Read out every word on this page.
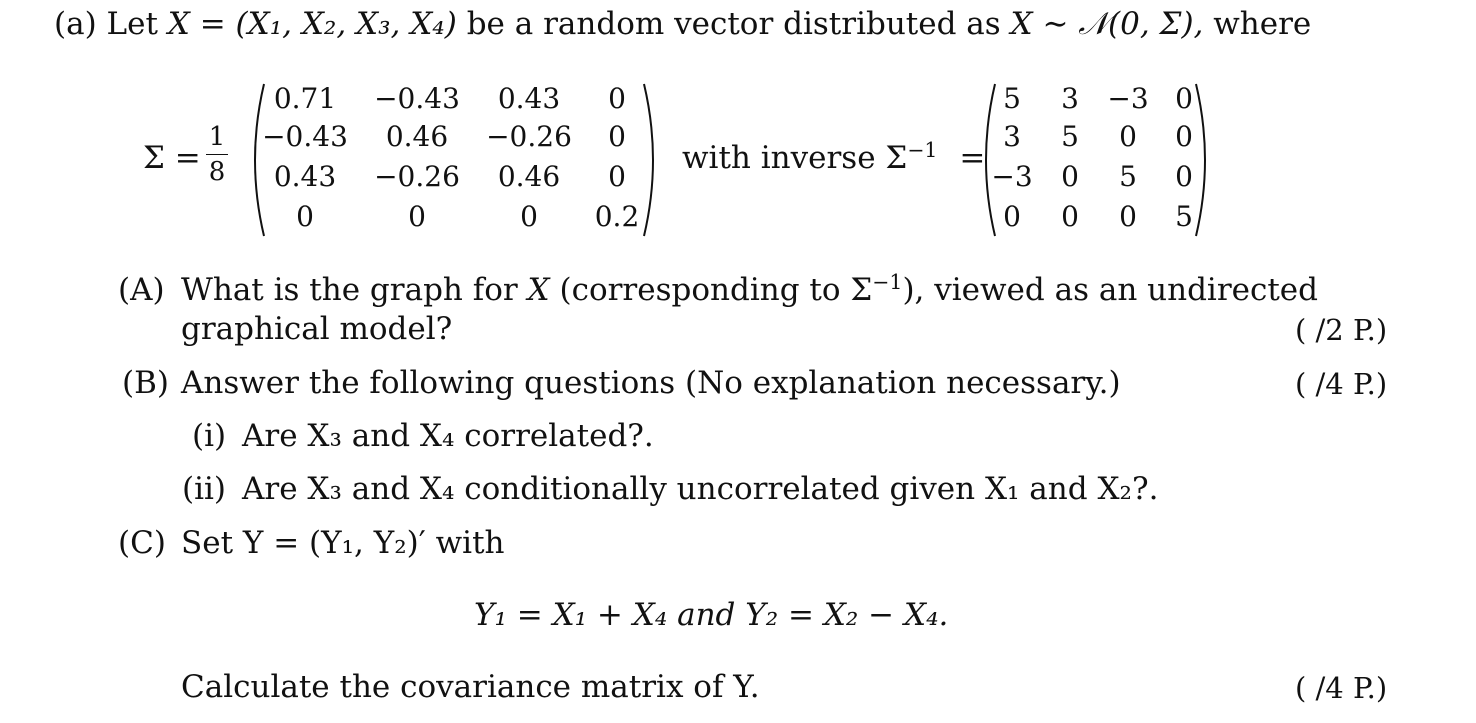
(a) Let X = (X₁, X₂, X₃, X₄) be a random vector distributed as X ∼ 𝒩(0, Σ), where
Σ =
1
8
0.71	−0.43	0.43	0
−0.43	0.46	−0.26	0
0.43	−0.26	0.46	0
0	0	0	0.2
with inverse $\Sigma^{-1}$ =
5	3	−3 0
3	5	0	0
−3	0	5	0
0	0	0	5
(A) What is the graph for X (corresponding to $\Sigma^{-1}$), viewed as an undirected
graphical model?	( /2 P.)
(B) Answer the following questions (No explanation necessary.)	( /4 P.)
(i) Are X₃ and X₄ correlated?.
(ii) Are X₃ and X₄ conditionally uncorrelated given X₁ and X₂?.
(C) Set Y = (Y₁, Y₂)′ with
Y₁ = X₁ + X₄ and Y₂ = X₂ − X₄.
Calculate the covariance matrix of Y.	( /4 P.)
